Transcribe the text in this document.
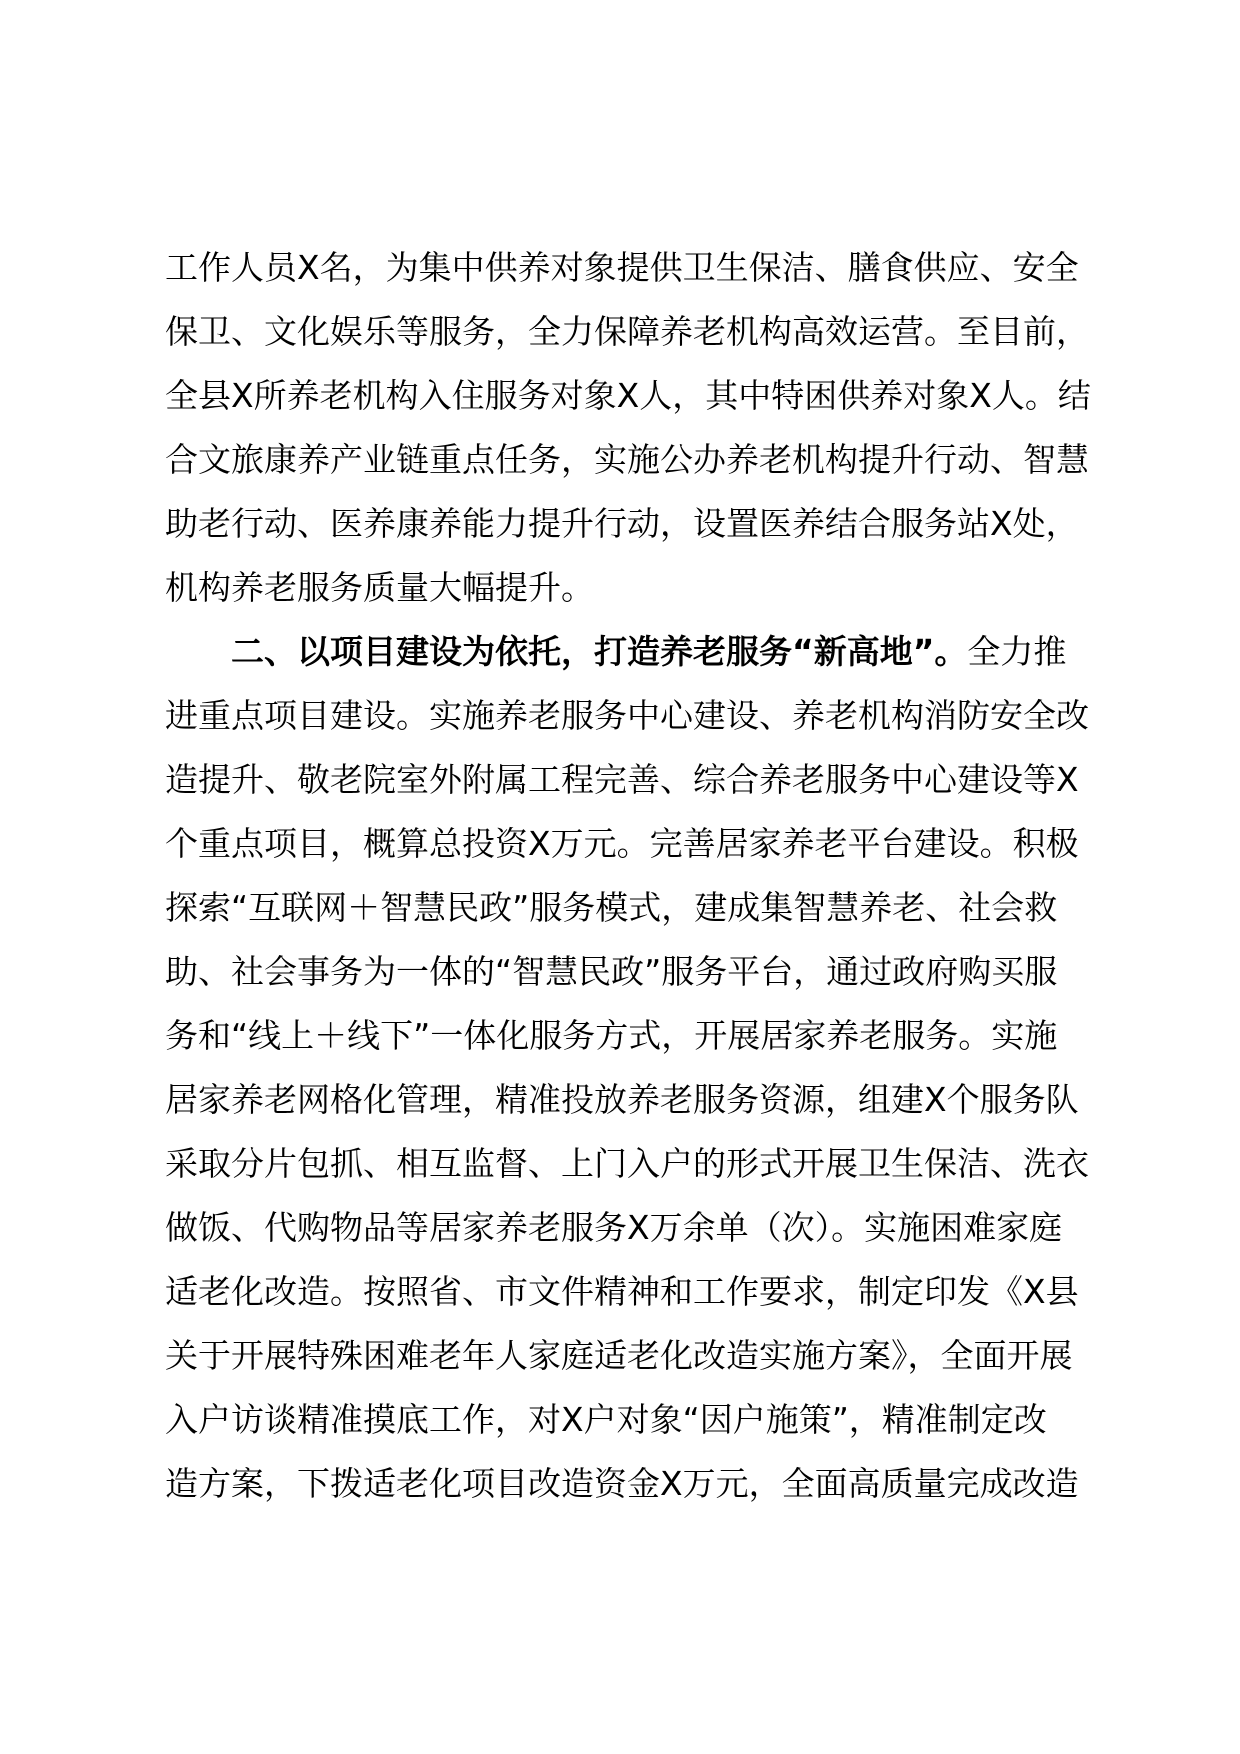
工作人员X名，为集中供养对象提供卫生保洁、膳食供应、安全
保卫、文化娱乐等服务，全力保障养老机构高效运营。至目前，
全县X所养老机构入住服务对象X人，其中特困供养对象X人。结
合文旅康养产业链重点任务，实施公办养老机构提升行动、智慧
助老行动、医养康养能力提升行动，设置医养结合服务站X处，
机构养老服务质量大幅提升。
二、以项目建设为依托，打造养老服务“新高地”。全力推
进重点项目建设。实施养老服务中心建设、养老机构消防安全改
造提升、敬老院室外附属工程完善、综合养老服务中心建设等X
个重点项目，概算总投资X万元。完善居家养老平台建设。积极
探索“互联网＋智慧民政”服务模式，建成集智慧养老、社会救
助、社会事务为一体的“智慧民政”服务平台，通过政府购买服
务和“线上＋线下”一体化服务方式，开展居家养老服务。实施
居家养老网格化管理，精准投放养老服务资源，组建X个服务队
采取分片包抓、相互监督、上门入户的形式开展卫生保洁、洗衣
做饭、代购物品等居家养老服务X万余单（次）。实施困难家庭
适老化改造。按照省、市文件精神和工作要求，制定印发《X县
关于开展特殊困难老年人家庭适老化改造实施方案》，全面开展
入户访谈精准摸底工作，对X户对象“因户施策”，精准制定改
造方案，下拨适老化项目改造资金X万元，全面高质量完成改造
